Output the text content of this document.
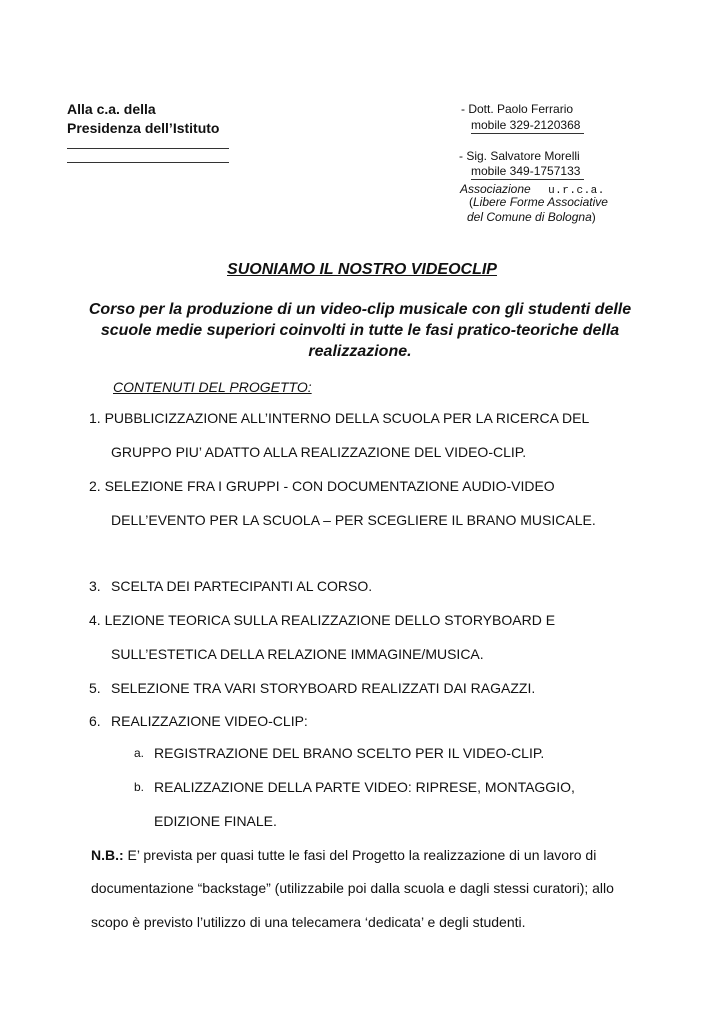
Alla c.a. della
Presidenza dell’Istituto
- Dott. Paolo Ferrario
mobile 329-2120368
- Sig. Salvatore Morelli
mobile 349-1757133
Associazione u.r.c.a.
(Libere Forme Associative
del Comune di Bologna)
SUONIAMO IL NOSTRO VIDEOCLIP
Corso per la produzione di un video-clip musicale con gli studenti delle scuole medie superiori coinvolti in tutte le fasi pratico-teoriche della realizzazione.
CONTENUTI DEL PROGETTO:
1. PUBBLICIZZAZIONE ALL’INTERNO DELLA SCUOLA PER LA RICERCA DEL
GRUPPO PIU’ ADATTO ALLA REALIZZAZIONE DEL VIDEO-CLIP.
2. SELEZIONE FRA I GRUPPI - CON DOCUMENTAZIONE AUDIO-VIDEO
DELL’EVENTO PER LA SCUOLA – PER SCEGLIERE IL BRANO MUSICALE.
3. SCELTA DEI PARTECIPANTI AL CORSO.
4. LEZIONE TEORICA SULLA REALIZZAZIONE DELLO STORYBOARD E
SULL’ESTETICA DELLA RELAZIONE IMMAGINE/MUSICA.
5. SELEZIONE TRA VARI STORYBOARD REALIZZATI DAI RAGAZZI.
6. REALIZZAZIONE VIDEO-CLIP:
a. REGISTRAZIONE DEL BRANO SCELTO PER IL VIDEO-CLIP.
b. REALIZZAZIONE DELLA PARTE VIDEO: RIPRESE, MONTAGGIO,
EDIZIONE FINALE.
N.B.: E’ prevista per quasi tutte le fasi del Progetto la realizzazione di un lavoro di
documentazione “backstage” (utilizzabile poi dalla scuola e dagli stessi curatori); allo
scopo è previsto l’utilizzo di una telecamera ‘dedicata’ e degli studenti.
